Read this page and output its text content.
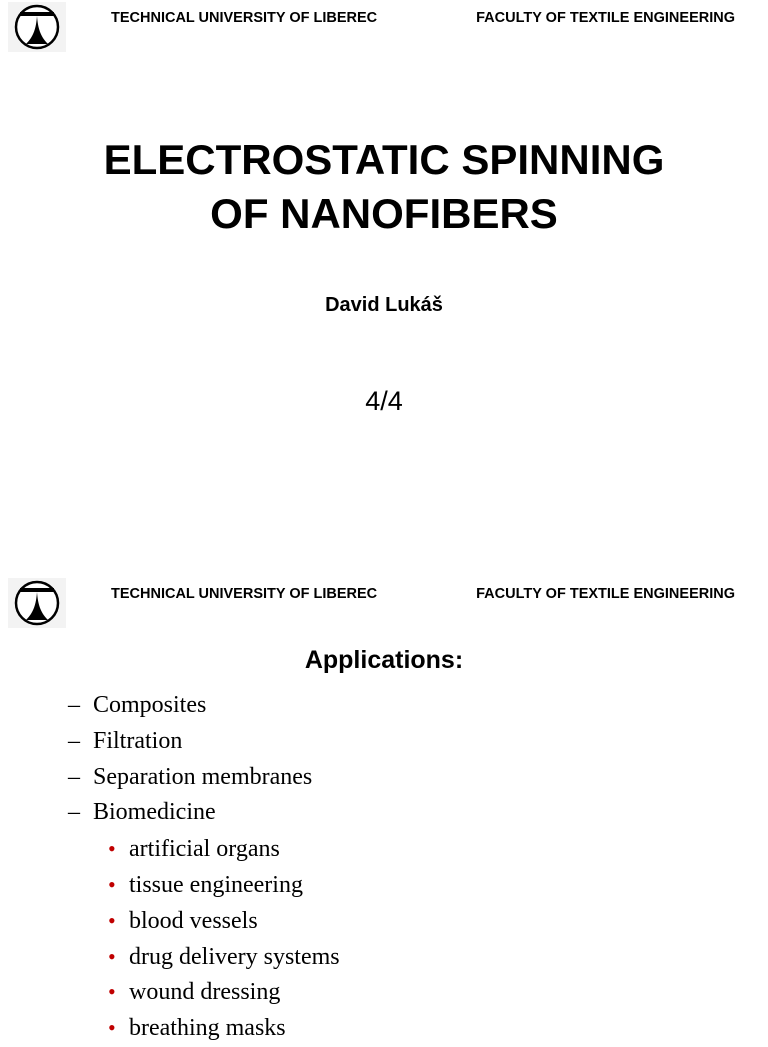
TECHNICAL UNIVERSITY OF LIBEREC	FACULTY OF TEXTILE ENGINEERING
ELECTROSTATIC SPINNING
OF NANOFIBERS
David Lukáš
4/4
TECHNICAL UNIVERSITY OF LIBEREC	FACULTY OF TEXTILE ENGINEERING
Applications:
– Composites
– Filtration
– Separation membranes
– Biomedicine
• artificial organs
• tissue engineering
• blood vessels
• drug delivery systems
• wound dressing
• breathing masks
